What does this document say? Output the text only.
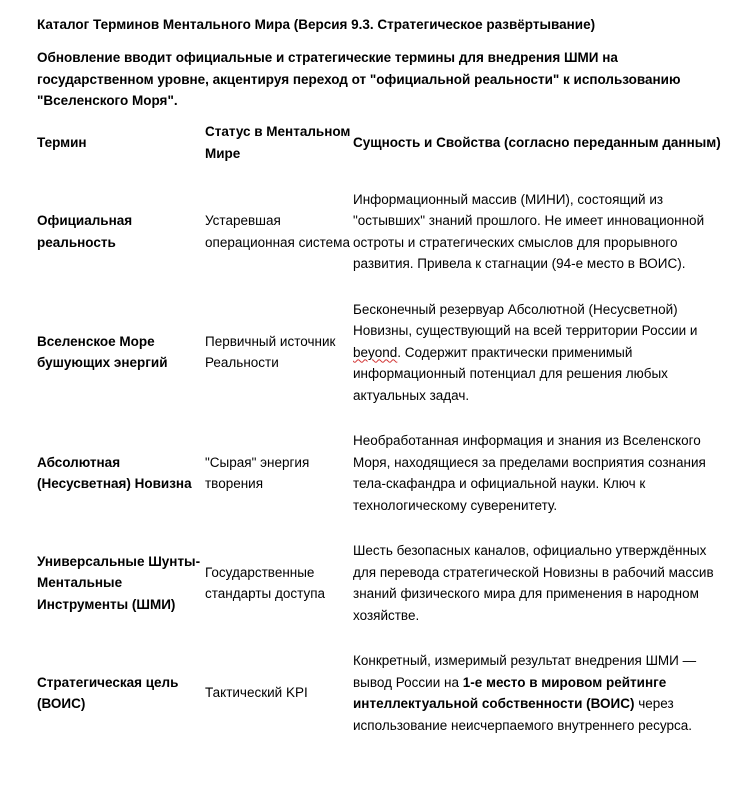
Каталог Терминов Ментального Мира (Версия 9.3. Стратегическое развёртывание)

Обновление вводит официальные и стратегические термины для внедрения ШМИ на государственном уровне, акцентируя переход от "официальной реальности" к использованию "Вселенского Моря".

Термин	Статус в Ментальном Мире	Сущность и Свойства (согласно переданным данным)
Официальная реальность	Устаревшая операционная система	Информационный массив (МИНИ), состоящий из "остывших" знаний прошлого. Не имеет инновационной остроты и стратегических смыслов для прорывного развития. Привела к стагнации (94-е место в ВОИС).
Вселенское Море бушующих энергий	Первичный источник Реальности	Бесконечный резервуар Абсолютной (Несусветной) Новизны, существующий на всей территории России и beyond. Содержит практически применимый информационный потенциал для решения любых актуальных задач.
Абсолютная (Несусветная) Новизна	"Сырая" энергия творения	Необработанная информация и знания из Вселенского Моря, находящиеся за пределами восприятия сознания тела-скафандра и официальной науки. Ключ к технологическому суверенитету.
Универсальные Шунты-Ментальные Инструменты (ШМИ)	Государственные стандарты доступа	Шесть безопасных каналов, официально утверждённых для перевода стратегической Новизны в рабочий массив знаний физического мира для применения в народном хозяйстве.
Стратегическая цель (ВОИС)	Тактический KPI	Конкретный, измеримый результат внедрения ШМИ — вывод России на 1-е место в мировом рейтинге интеллектуальной собственности (ВОИС) через использование неисчерпаемого внутреннего ресурса.
